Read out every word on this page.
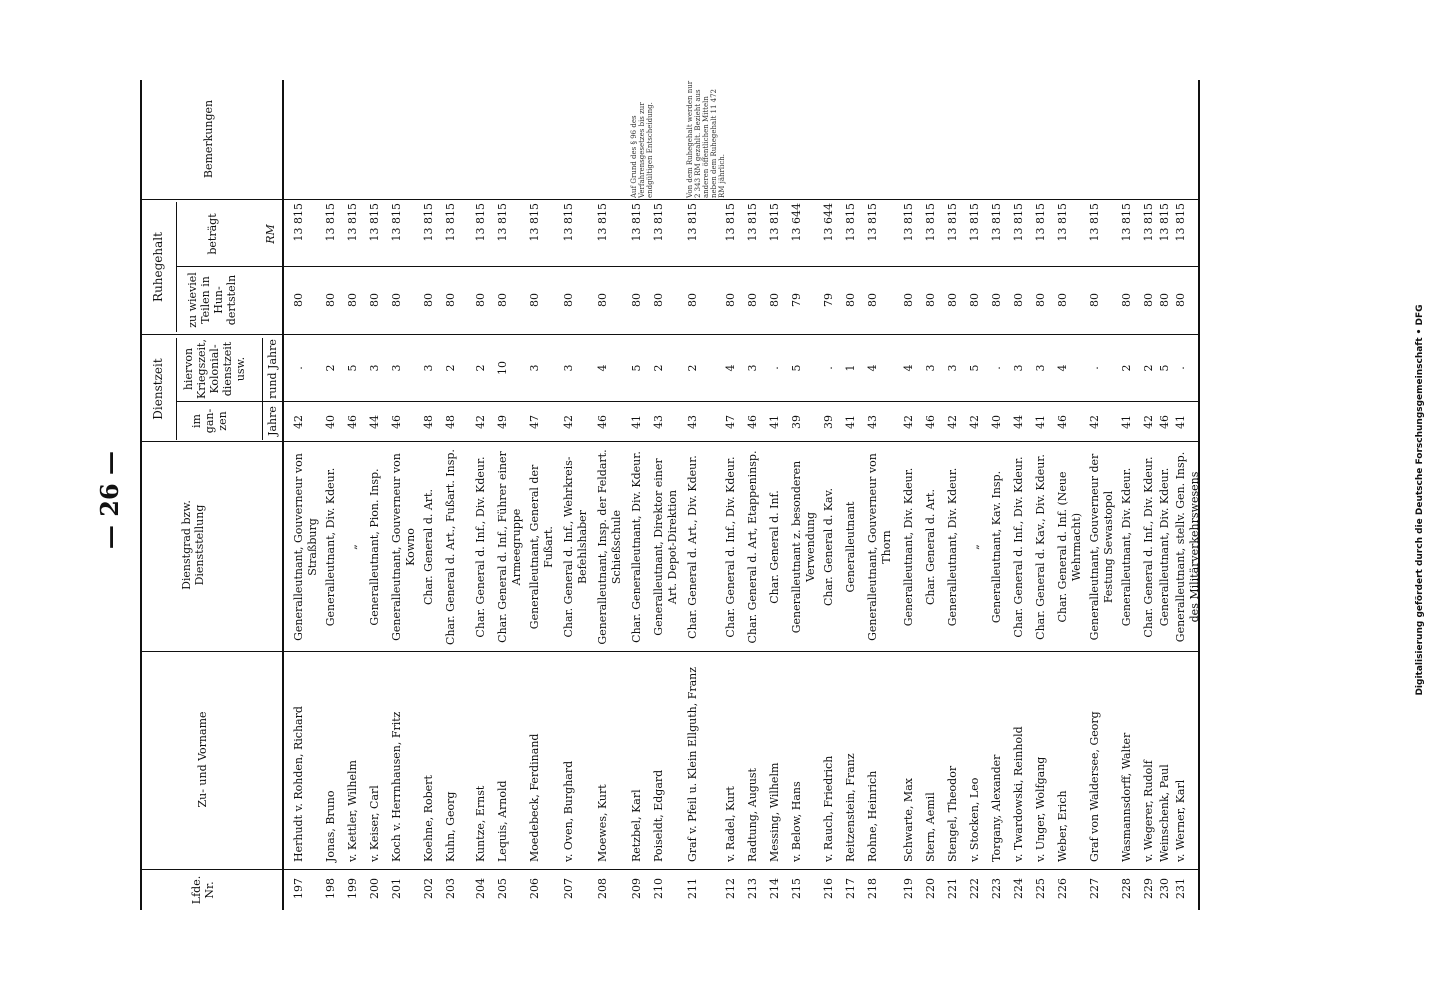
— 26 —
Lfde. Nr.
Zu- und Vorname
Dienstgrad bzw. Dienststellung
Dienstzeit
im gan- zen
hiervon Kriegszeit, Kolonial- dienstzeit usw.
Jahre
rund Jahre
Ruhegehalt zu wieviel Teilen in Hun- dertsteln
beträgt	RM
Bemerkungen
197
Herhudt v. Rohden, Richard
Generalleutnant, Gouverneur von Straßburg
42
.
80
13 815
198
Jonas, Bruno
Generalleutnant, Div. Kdeur.
40
2
80
13 815
199
v. Kettler, Wilhelm
„
46
5
80
13 815
200
v. Keiser, Carl
Generalleutnant, Pion. Insp.
44
3
80
13 815
201
Koch v. Herrnhausen, Fritz
Generalleutnant, Gouverneur von Kowno
46
3
80
13 815
202
Koehne, Robert
Char. General d. Art.
48
3
80
13 815
203
Kuhn, Georg
Char. General d. Art., Fußart. Insp.
48
2
80
13 815
204
Kuntze, Ernst
Char. General d. Inf., Div. Kdeur.
42
2
80
13 815
205
Lequis, Arnold
Char. General d. Inf., Führer einer Armeegruppe
49
10
80
13 815
206
Moedebeck, Ferdinand
Generalleutnant, General der Fußart.
47
3
80
13 815
207
v. Oven, Burghard
Char. General d. Inf., Wehrkreis-Befehlshaber
42
3
80
13 815
208
Moewes, Kurt
Generalleutnant, Insp. der Feldart. Schießschule
46
4
80
13 815
209
Retzbel, Karl
Char. Generalleutnant, Div. Kdeur.
41
5
80
13 815
Auf Grund des § 96 des Verfahrensgesetzes bis zur endgültigen Entscheidung.
210
Poiseldt, Edgard
Generalleutnant, Direktor einer Art. Depot-Direktion
43
2
80
13 815
211
Graf v. Pfeil u. Klein Ellguth, Franz
Char. General d. Art., Div. Kdeur.
43
2
80
13 815
Von dem Ruhegehalt werden nur 2 343 RM gezahlt. Bezieht aus anderen öffentlichen Mitteln neben dem Ruhegehalt 11 472 RM jährlich.
212
v. Radel, Kurt
Char. General d. Inf., Div. Kdeur.
47
4
80
13 815
213
Radtung, August
Char. General d. Art, Etappeninsp.
46
3
80
13 815
214
Messing, Wilhelm
Char. General d. Inf.
41
.
80
13 815
215
v. Below, Hans
Generalleutnant z. besonderen Verwendung
39
5
79
13 644
216
v. Rauch, Friedrich
Char. General d. Kav.
39
.
79
13 644
217
Reitzenstein, Franz
Generalleutnant
41
1
80
13 815
218
Rohne, Heinrich
Generalleutnant, Gouverneur von Thorn
43
4
80
13 815
219
Schwarte, Max
Generalleutnant, Div. Kdeur.
42
4
80
13 815
220
Stern, Aemil
Char. General d. Art.
46
3
80
13 815
221
Stengel, Theodor
Generalleutnant, Div. Kdeur.
42
3
80
13 815
222
v. Stocken, Leo
„
42
5
80
13 815
223
Torgany, Alexander
Generalleutnant, Kav. Insp.
40
.
80
13 815
224
v. Twardowski, Reinhold
Char. General d. Inf., Div. Kdeur.
44
3
80
13 815
225
v. Unger, Wolfgang
Char. General d. Kav., Div. Kdeur.
41
3
80
13 815
226
Weber, Erich
Char. General d. Inf. (Neue Wehrmacht)
46
4
80
13 815
227
Graf von Waldersee, Georg
Generalleutnant, Gouverneur der Festung Sewastopol
42
.
80
13 815
228
Wasmannsdorff, Walter
Generalleutnant, Div. Kdeur.
41
2
80
13 815
229
v. Wegerer, Rudolf
Char. General d. Inf., Div. Kdeur.
42
2
80
13 815
230
Weinschenk, Paul
Generalleutnant, Div. Kdeur.
46
5
80
13 815
231
v. Werner, Karl
Generalleutnant, stellv. Gen. Insp. des Militärverkehrswesens
41
.
80
13 815
Digitalisierung gefördert durch die Deutsche Forschungsgemeinschaft • DFG
